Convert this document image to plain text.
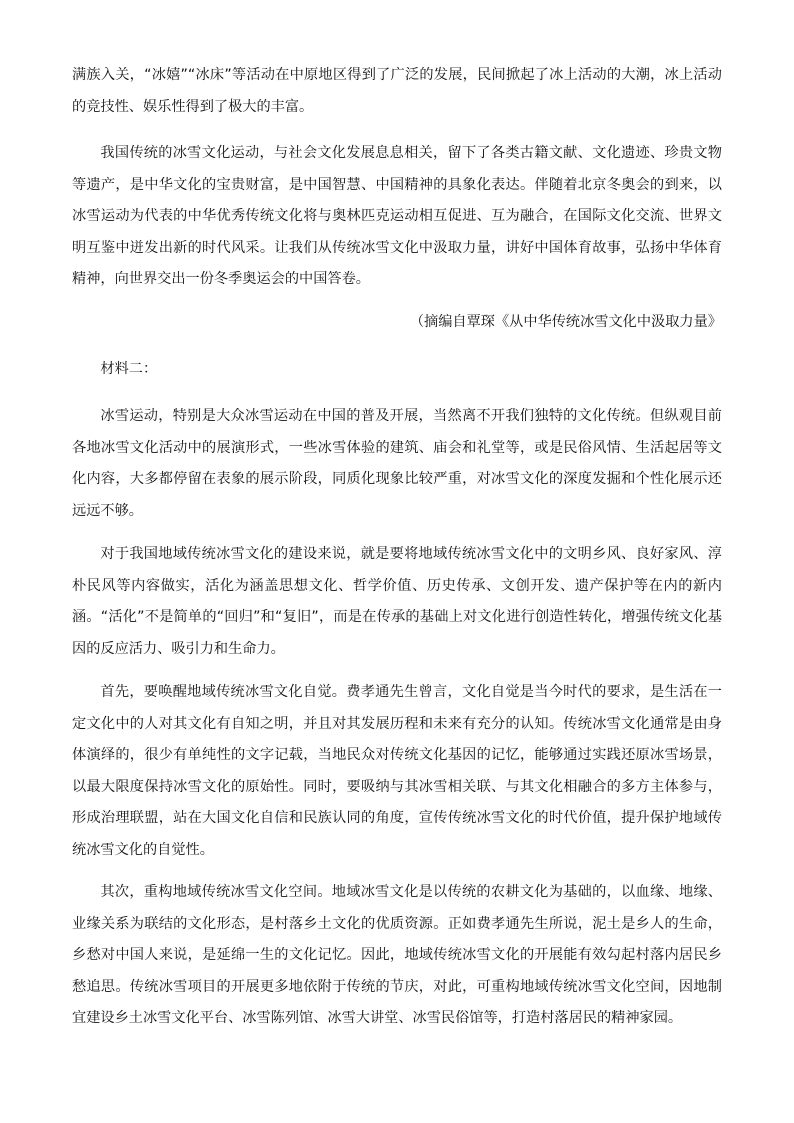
满族入关，“冰嬉”“冰床”等活动在中原地区得到了广泛的发展，民间掀起了冰上活动的大潮，冰上活动的竞技性、娱乐性得到了极大的丰富。

我国传统的冰雪文化运动，与社会文化发展息息相关，留下了各类古籍文献、文化遗迹、珍贵文物等遗产，是中华文化的宝贵财富，是中国智慧、中国精神的具象化表达。伴随着北京冬奥会的到来，以冰雪运动为代表的中华优秀传统文化将与奥林匹克运动相互促进、互为融合，在国际文化交流、世界文明互鉴中迸发出新的时代风采。让我们从传统冰雪文化中汲取力量，讲好中国体育故事，弘扬中华体育精神，向世界交出一份冬季奥运会的中国答卷。

（摘编自覃琛《从中华传统冰雪文化中汲取力量》

材料二：

冰雪运动，特别是大众冰雪运动在中国的普及开展，当然离不开我们独特的文化传统。但纵观目前各地冰雪文化活动中的展演形式，一些冰雪体验的建筑、庙会和礼堂等，或是民俗风情、生活起居等文化内容，大多都停留在表象的展示阶段，同质化现象比较严重，对冰雪文化的深度发掘和个性化展示还远远不够。

对于我国地域传统冰雪文化的建设来说，就是要将地域传统冰雪文化中的文明乡风、良好家风、淳朴民风等内容做实，活化为涵盖思想文化、哲学价值、历史传承、文创开发、遗产保护等在内的新内涵。“活化”不是简单的“回归”和“复旧”，而是在传承的基础上对文化进行创造性转化，增强传统文化基因的反应活力、吸引力和生命力。

首先，要唤醒地域传统冰雪文化自觉。费孝通先生曾言，文化自觉是当今时代的要求，是生活在一定文化中的人对其文化有自知之明，并且对其发展历程和未来有充分的认知。传统冰雪文化通常是由身体演绎的，很少有单纯性的文字记载，当地民众对传统文化基因的记忆，能够通过实践还原冰雪场景，以最大限度保持冰雪文化的原始性。同时，要吸纳与其冰雪相关联、与其文化相融合的多方主体参与，形成治理联盟，站在大国文化自信和民族认同的角度，宣传传统冰雪文化的时代价值，提升保护地域传统冰雪文化的自觉性。

其次，重构地域传统冰雪文化空间。地域冰雪文化是以传统的农耕文化为基础的，以血缘、地缘、业缘关系为联结的文化形态，是村落乡土文化的优质资源。正如费孝通先生所说，泥土是乡人的生命，乡愁对中国人来说，是延绵一生的文化记忆。因此，地域传统冰雪文化的开展能有效勾起村落内居民乡愁追思。传统冰雪项目的开展更多地依附于传统的节庆，对此，可重构地域传统冰雪文化空间，因地制宜建设乡土冰雪文化平台、冰雪陈列馆、冰雪大讲堂、冰雪民俗馆等，打造村落居民的精神家园。
